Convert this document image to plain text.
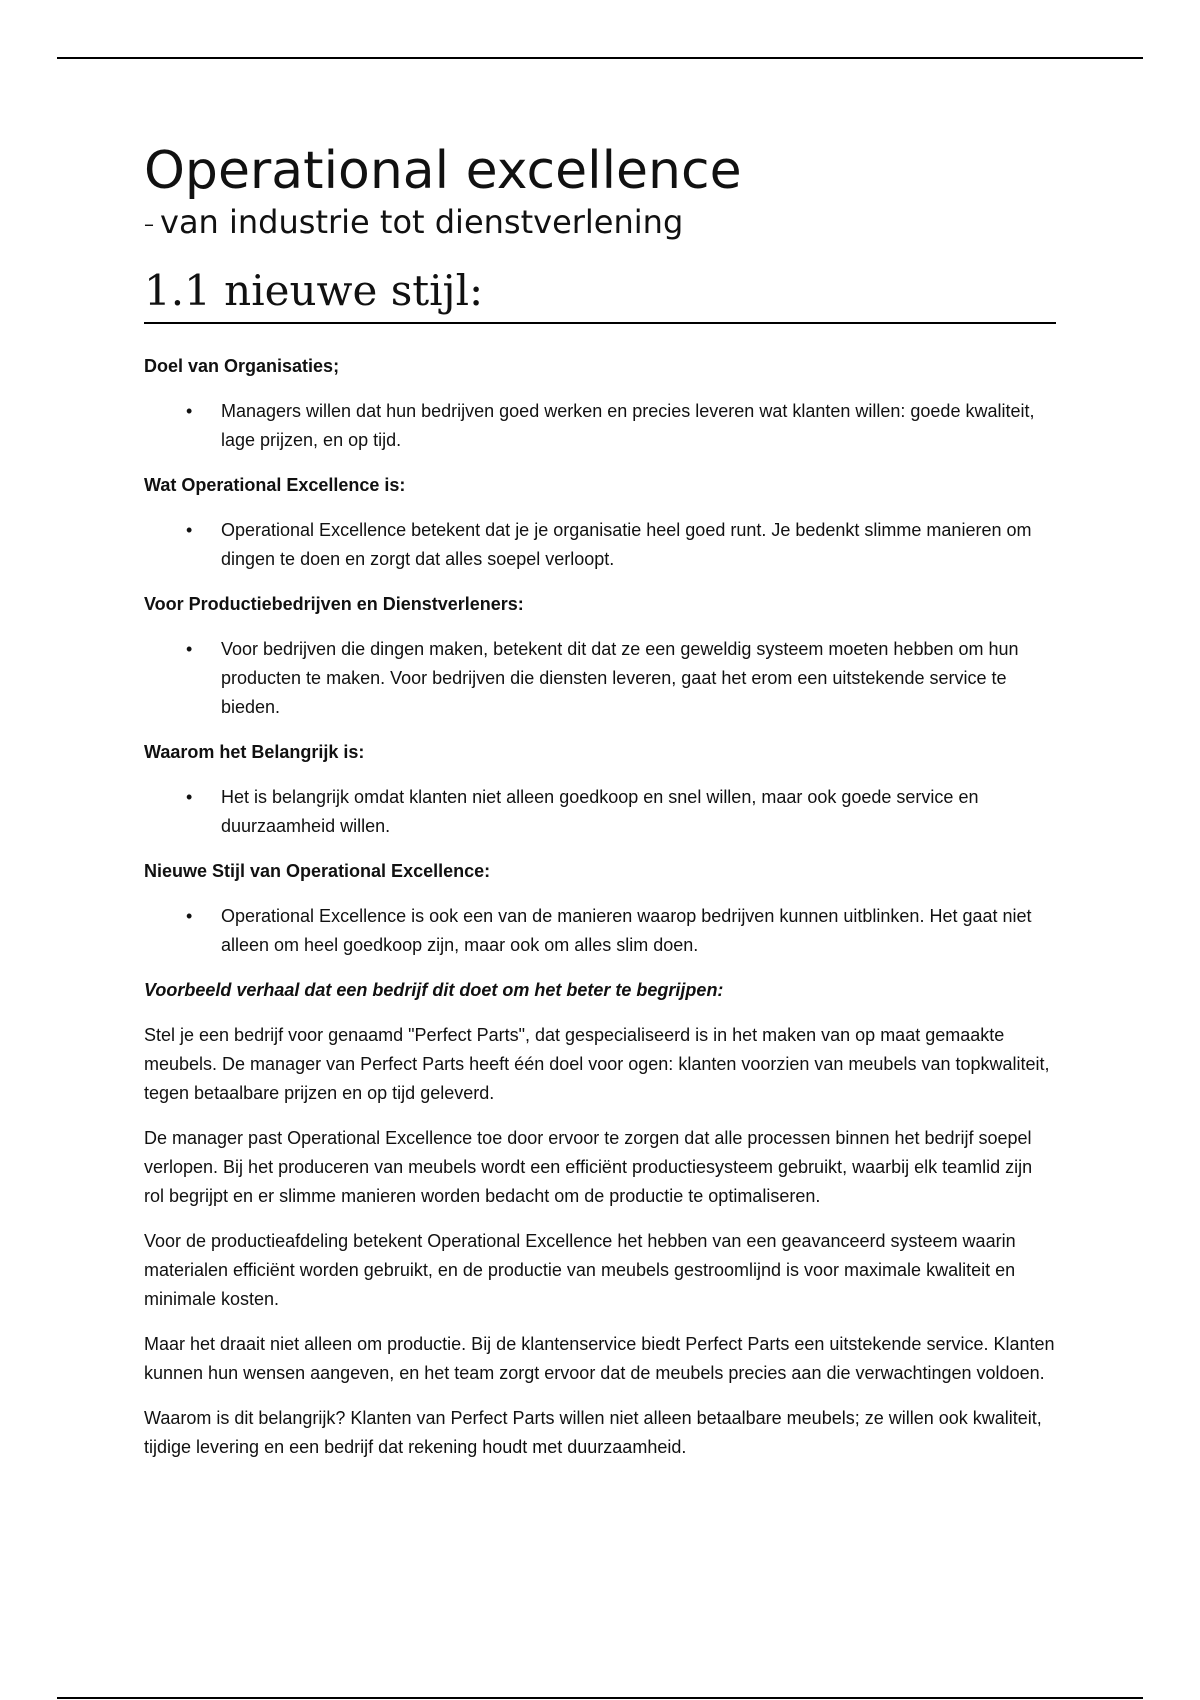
Operational excellence
– van industrie tot dienstverlening
1.1 nieuwe stijl:

Doel van Organisaties;

• Managers willen dat hun bedrijven goed werken en precies leveren wat klanten willen: goede kwaliteit, lage prijzen, en op tijd.

Wat Operational Excellence is:

• Operational Excellence betekent dat je je organisatie heel goed runt. Je bedenkt slimme manieren om dingen te doen en zorgt dat alles soepel verloopt.

Voor Productiebedrijven en Dienstverleners:

• Voor bedrijven die dingen maken, betekent dit dat ze een geweldig systeem moeten hebben om hun producten te maken. Voor bedrijven die diensten leveren, gaat het erom een uitstekende service te bieden.

Waarom het Belangrijk is:

• Het is belangrijk omdat klanten niet alleen goedkoop en snel willen, maar ook goede service en duurzaamheid willen.

Nieuwe Stijl van Operational Excellence:

• Operational Excellence is ook een van de manieren waarop bedrijven kunnen uitblinken. Het gaat niet alleen om heel goedkoop zijn, maar ook om alles slim doen.

Voorbeeld verhaal dat een bedrijf dit doet om het beter te begrijpen:

Stel je een bedrijf voor genaamd "Perfect Parts", dat gespecialiseerd is in het maken van op maat gemaakte meubels. De manager van Perfect Parts heeft één doel voor ogen: klanten voorzien van meubels van topkwaliteit, tegen betaalbare prijzen en op tijd geleverd.

De manager past Operational Excellence toe door ervoor te zorgen dat alle processen binnen het bedrijf soepel verlopen. Bij het produceren van meubels wordt een efficiënt productiesysteem gebruikt, waarbij elk teamlid zijn rol begrijpt en er slimme manieren worden bedacht om de productie te optimaliseren.

Voor de productieafdeling betekent Operational Excellence het hebben van een geavanceerd systeem waarin materialen efficiënt worden gebruikt, en de productie van meubels gestroomlijnd is voor maximale kwaliteit en minimale kosten.

Maar het draait niet alleen om productie. Bij de klantenservice biedt Perfect Parts een uitstekende service. Klanten kunnen hun wensen aangeven, en het team zorgt ervoor dat de meubels precies aan die verwachtingen voldoen.

Waarom is dit belangrijk? Klanten van Perfect Parts willen niet alleen betaalbare meubels; ze willen ook kwaliteit, tijdige levering en een bedrijf dat rekening houdt met duurzaamheid.
